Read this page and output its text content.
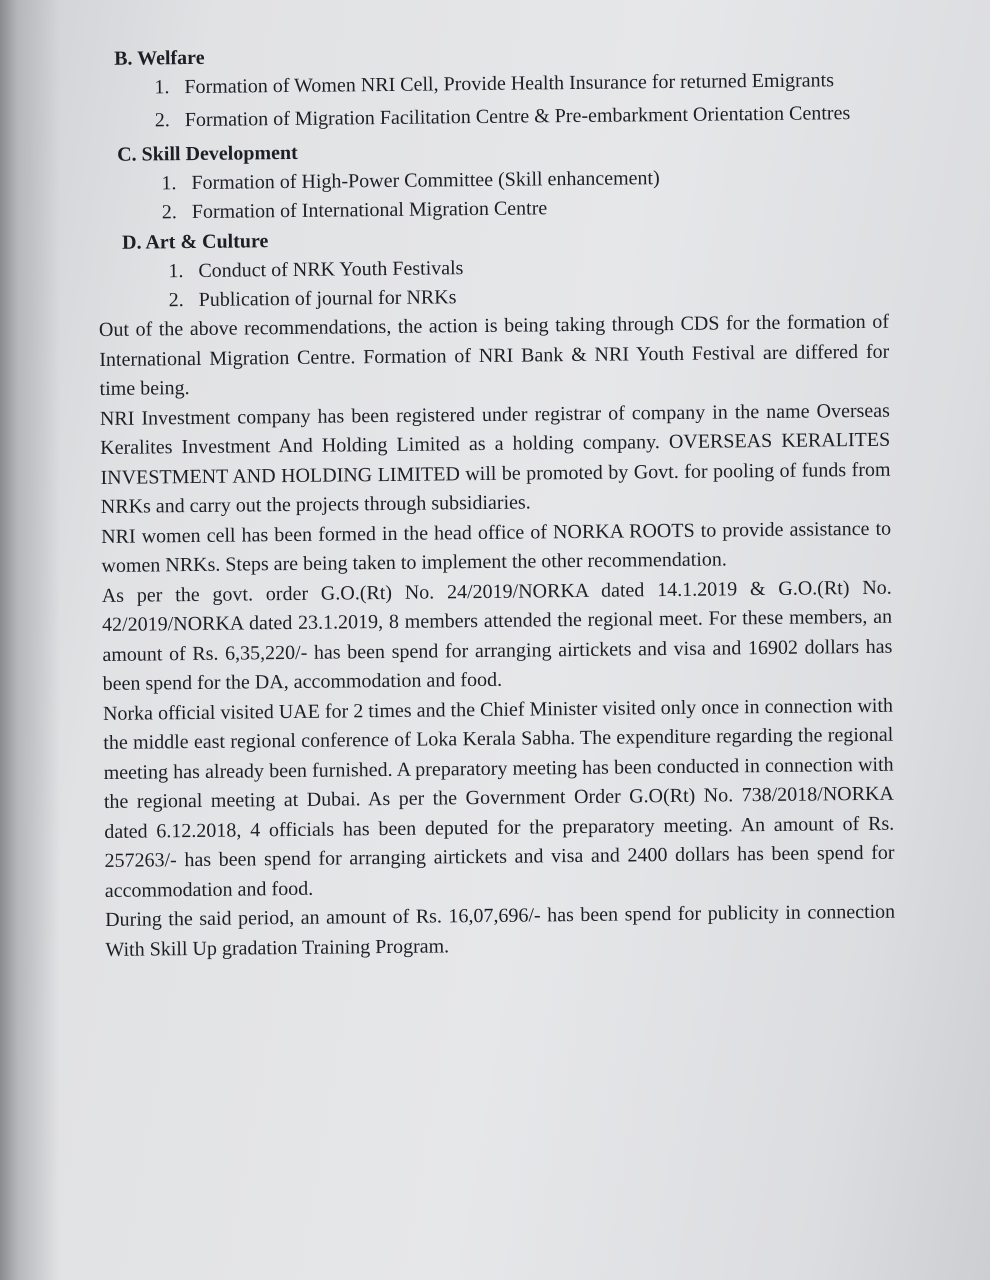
B. Welfare
1. Formation of Women NRI Cell, Provide Health Insurance for returned Emigrants
2. Formation of Migration Facilitation Centre & Pre-embarkment Orientation Centres
C. Skill Development
1. Formation of High-Power Committee (Skill enhancement)
2. Formation of International Migration Centre
D. Art & Culture
1. Conduct of NRK Youth Festivals
2. Publication of journal for NRKs

Out of the above recommendations, the action is being taking through CDS for the formation of International Migration Centre. Formation of NRI Bank & NRI Youth Festival are differed for time being.

NRI Investment company has been registered under registrar of company in the name Overseas Keralites Investment And Holding Limited as a holding company. OVERSEAS KERALITES INVESTMENT AND HOLDING LIMITED will be promoted by Govt. for pooling of funds from NRKs and carry out the projects through subsidiaries.

NRI women cell has been formed in the head office of NORKA ROOTS to provide assistance to women NRKs. Steps are being taken to implement the other recommendation.

As per the govt. order G.O.(Rt) No. 24/2019/NORKA dated 14.1.2019 & G.O.(Rt) No. 42/2019/NORKA dated 23.1.2019, 8 members attended the regional meet. For these members, an amount of Rs. 6,35,220/- has been spend for arranging airtickets and visa and 16902 dollars has been spend for the DA, accommodation and food.

Norka official visited UAE for 2 times and the Chief Minister visited only once in connection with the middle east regional conference of Loka Kerala Sabha. The expenditure regarding the regional meeting has already been furnished. A preparatory meeting has been conducted in connection with the regional meeting at Dubai. As per the Government Order G.O(Rt) No. 738/2018/NORKA dated 6.12.2018, 4 officials has been deputed for the preparatory meeting. An amount of Rs. 257263/- has been spend for arranging airtickets and visa and 2400 dollars has been spend for accommodation and food.

During the said period, an amount of Rs. 16,07,696/- has been spend for publicity in connection With Skill Up gradation Training Program.
